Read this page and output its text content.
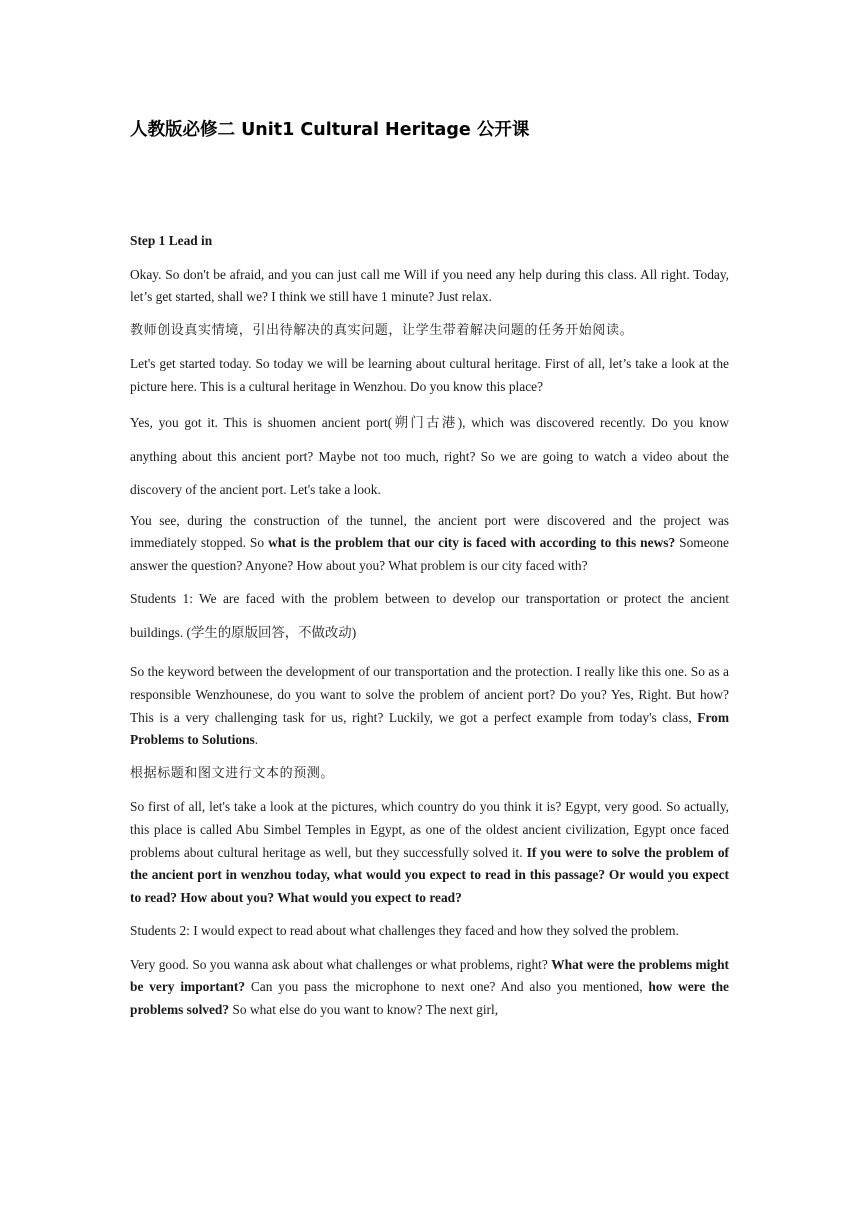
人教版必修二 Unit1 Cultural Heritage 公开课

Step 1 Lead in

Okay. So don't be afraid, and you can just call me Will if you need any help during this class. All right. Today, let’s get started, shall we? I think we still have 1 minute? Just relax.

教师创设真实情境，引出待解决的真实问题，让学生带着解决问题的任务开始阅读。

Let's get started today. So today we will be learning about cultural heritage. First of all, let’s take a look at the picture here. This is a cultural heritage in Wenzhou. Do you know this place?

Yes, you got it. This is shuomen ancient port(朔门古港), which was discovered recently. Do you know anything about this ancient port? Maybe not too much, right? So we are going to watch a video about the discovery of the ancient port. Let's take a look.

You see, during the construction of the tunnel, the ancient port were discovered and the project was immediately stopped. So what is the problem that our city is faced with according to this news? Someone answer the question? Anyone? How about you? What problem is our city faced with?

Students 1: We are faced with the problem between to develop our transportation or protect the ancient buildings. (学生的原版回答，不做改动)

So the keyword between the development of our transportation and the protection. I really like this one. So as a responsible Wenzhounese, do you want to solve the problem of ancient port? Do you? Yes, Right. But how? This is a very challenging task for us, right? Luckily, we got a perfect example from today's class, From Problems to Solutions.

根据标题和图文进行文本的预测。

So first of all, let's take a look at the pictures, which country do you think it is? Egypt, very good. So actually, this place is called Abu Simbel Temples in Egypt, as one of the oldest ancient civilization, Egypt once faced problems about cultural heritage as well, but they successfully solved it. If you were to solve the problem of the ancient port in wenzhou today, what would you expect to read in this passage? Or would you expect to read? How about you? What would you expect to read?

Students 2: I would expect to read about what challenges they faced and how they solved the problem.

Very good. So you wanna ask about what challenges or what problems, right? What were the problems might be very important? Can you pass the microphone to next one? And also you mentioned, how were the problems solved? So what else do you want to know? The next girl,
